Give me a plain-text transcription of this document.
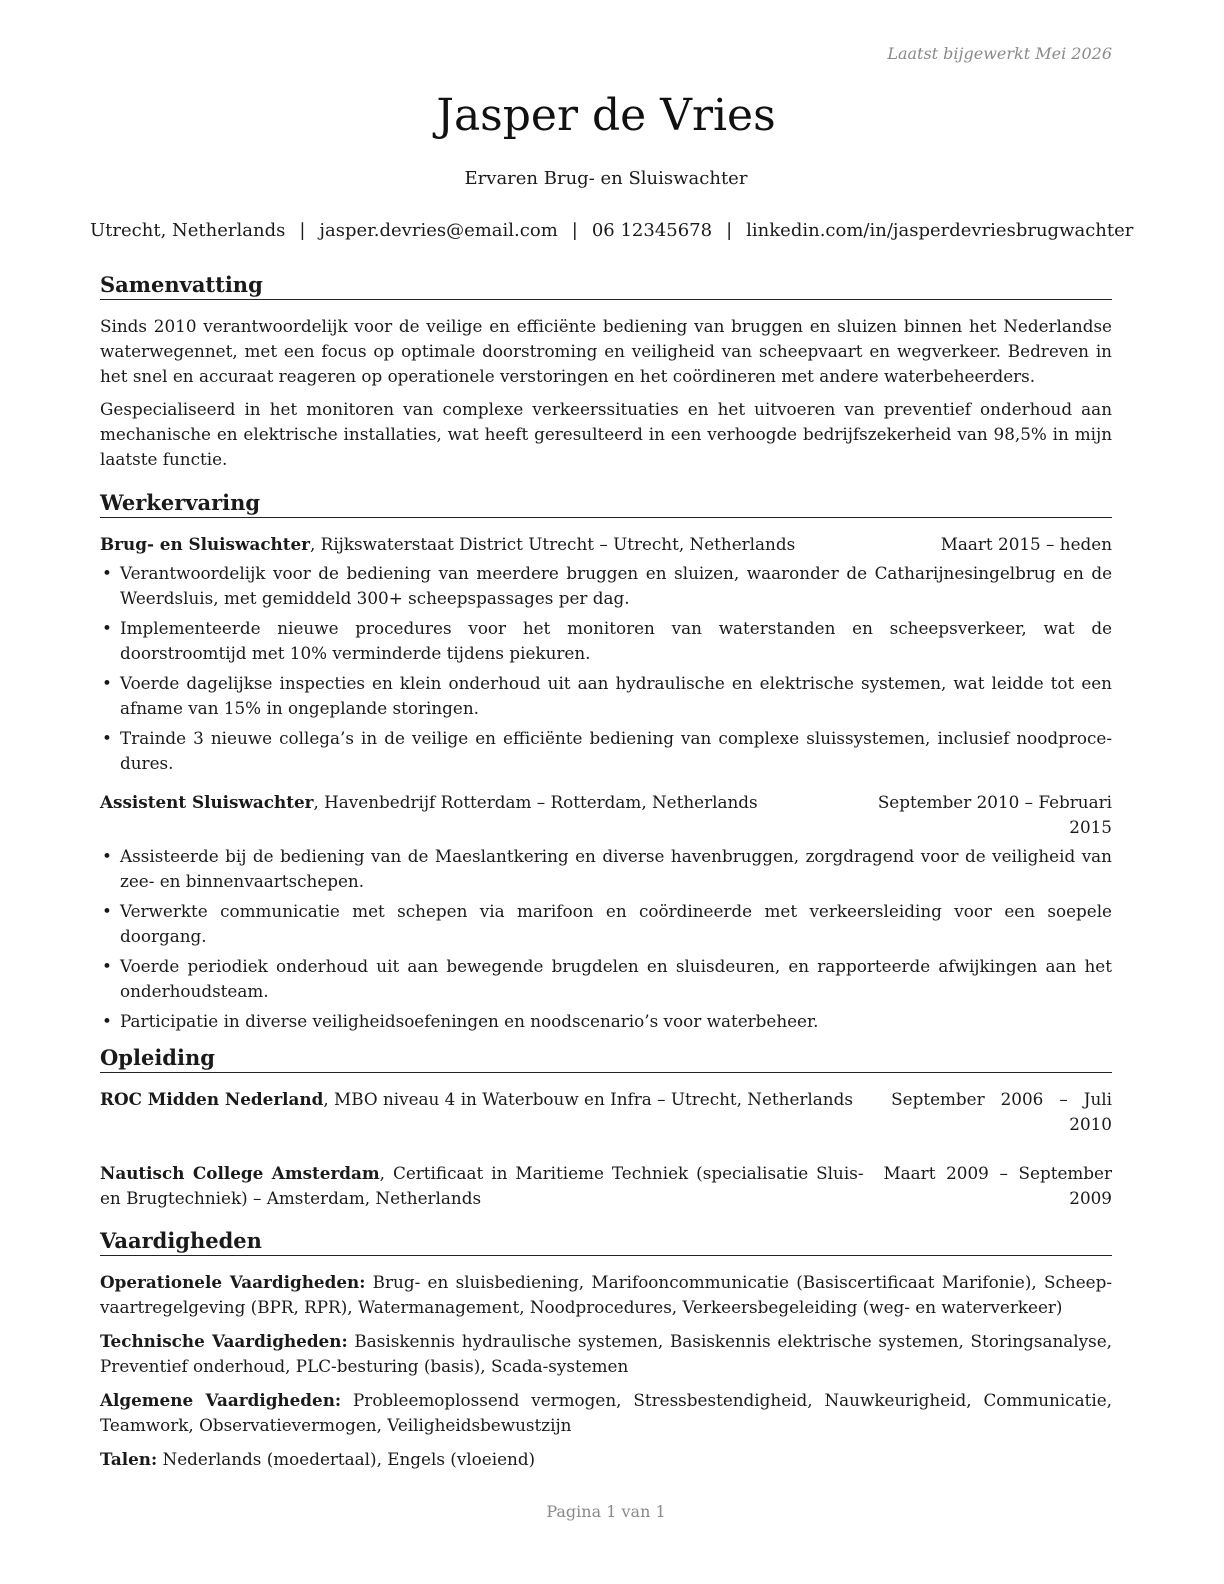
Laatst bijgewerkt Mei 2026
Jasper de Vries
Ervaren Brug- en Sluiswachter
Utrecht, Netherlands | jasper.devries@email.com | 06 12345678 | linkedin.com/in/jasperdevriesbrugwachter
Samenvatting

Sinds 2010 verantwoordelijk voor de veilige en efficiënte bediening van bruggen en sluizen binnen het Nederlandse waterwegennet, met een focus op optimale doorstroming en veiligheid van scheepvaart en wegverkeer. Bedreven in het snel en accuraat reageren op operationele verstoringen en het coördineren met andere waterbeheerders.

Gespecialiseerd in het monitoren van complexe verkeerssituaties en het uitvoeren van preventief onderhoud aan mechanische en elektrische installaties, wat heeft geresulteerd in een verhoogde bedrijfszekerheid van 98,5% in mijn laatste functie.

Werkervaring
Brug- en Sluiswachter, Rijkswaterstaat District Utrecht – Utrecht, Netherlands	Maart 2015 – heden
• Verantwoordelijk voor de bediening van meerdere bruggen en sluizen, waaronder de Catharijnesingelbrug en de Weerdsluis, met gemiddeld 300+ scheepspassages per dag.
• Implementeerde nieuwe procedures voor het monitoren van waterstanden en scheepsverkeer, wat de doorstroomtijd met 10% verminderde tijdens piekuren.
• Voerde dagelijkse inspecties en klein onderhoud uit aan hydraulische en elektrische systemen, wat leidde tot een afname van 15% in ongeplande storingen.
• Trainde 3 nieuwe collega’s in de veilige en efficiënte bediening van complexe sluissystemen, inclusief noodproce-dures.
Assistent Sluiswachter, Havenbedrijf Rotterdam – Rotterdam, Netherlands	September 2010 – Februari 2015
• Assisteerde bij de bediening van de Maeslantkering en diverse havenbruggen, zorgdragend voor de veiligheid van zee- en binnenvaartschepen.
• Verwerkte communicatie met schepen via marifoon en coördineerde met verkeersleiding voor een soepele doorgang.
• Voerde periodiek onderhoud uit aan bewegende brugdelen en sluisdeuren, en rapporteerde afwijkingen aan het onderhoudsteam.
• Participatie in diverse veiligheidsoefeningen en noodscenario’s voor waterbeheer.
Opleiding
ROC Midden Nederland, MBO niveau 4 in Waterbouw en Infra – Utrecht, Netherlands	September   2006   –   Juli
2010
Nautisch College Amsterdam, Certificaat in Maritieme Techniek (specialisatie Sluis- en Brugtechniek) – Amsterdam, Netherlands
Maart  2009  –  September
2009
Vaardigheden

Operationele Vaardigheden: Brug- en sluisbediening, Marifooncommunicatie (Basiscertificaat Marifonie), Scheep-vaartregelgeving (BPR, RPR), Watermanagement, Noodprocedures, Verkeersbegeleiding (weg- en waterverkeer)

Technische Vaardigheden: Basiskennis hydraulische systemen, Basiskennis elektrische systemen, Storingsanalyse, Preventief onderhoud, PLC-besturing (basis), Scada-systemen

Algemene Vaardigheden: Probleemoplossend vermogen, Stressbestendigheid, Nauwkeurigheid, Communicatie, Teamwork, Observatievermogen, Veiligheidsbewustzijn

Talen: Nederlands (moedertaal), Engels (vloeiend)

Pagina 1 van 1
